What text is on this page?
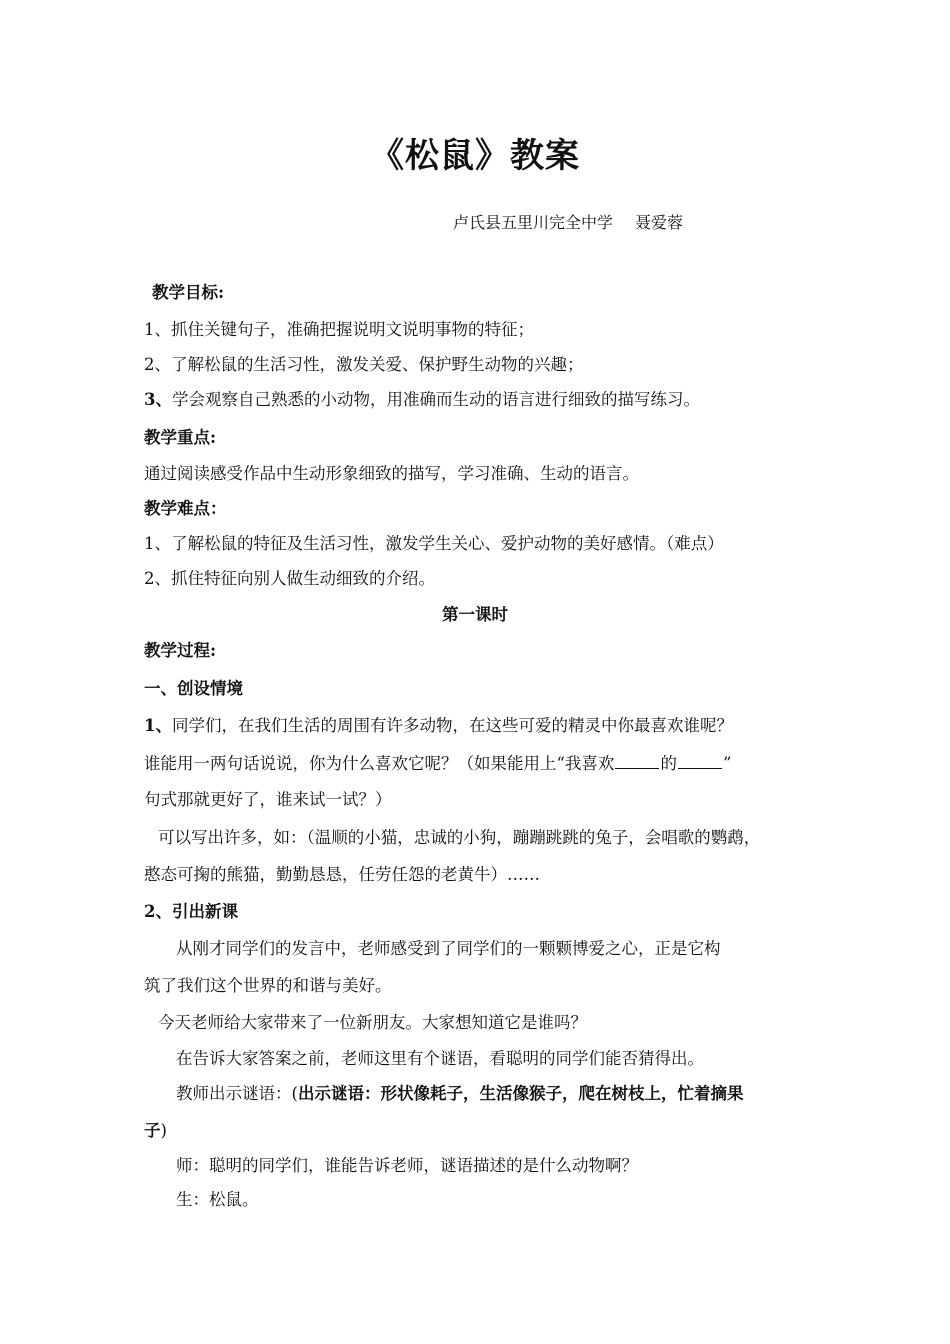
《松鼠》教案
卢氏县五里川完全中学 聂爱蓉
教学目标:
1、抓住关键句子，准确把握说明文说明事物的特征；
2、了解松鼠的生活习性，激发关爱、保护野生动物的兴趣；
3、学会观察自己熟悉的小动物，用准确而生动的语言进行细致的描写练习。
教学重点:
通过阅读感受作品中生动形象细致的描写，学习准确、生动的语言。
教学难点：
1、了解松鼠的特征及生活习性，激发学生关心、爱护动物的美好感情。（难点）
2、抓住特征向别人做生动细致的介绍。
第一课时
教学过程:
一、创设情境
1、同学们，在我们生活的周围有许多动物，在这些可爱的精灵中你最喜欢谁呢？
谁能用一两句话说说，你为什么喜欢它呢？（如果能用上“我喜欢	的	”
句式那就更好了，谁来试一试？）
可以写出许多，如：（温顺的小猫，忠诚的小狗，蹦蹦跳跳的兔子，会唱歌的鹦鹉，
憨态可掬的熊猫，勤勤恳恳，任劳任怨的老黄牛）……
2、引出新课
从刚才同学们的发言中，老师感受到了同学们的一颗颗博爱之心，正是它构
筑了我们这个世界的和谐与美好。
今天老师给大家带来了一位新朋友。大家想知道它是谁吗？
在告诉大家答案之前，老师这里有个谜语，看聪明的同学们能否猜得出。
教师出示谜语：(出示谜语：形状像耗子，生活像猴子，爬在树枝上，忙着摘果
子)
师：聪明的同学们，谁能告诉老师，谜语描述的是什么动物啊？
生：松鼠。
